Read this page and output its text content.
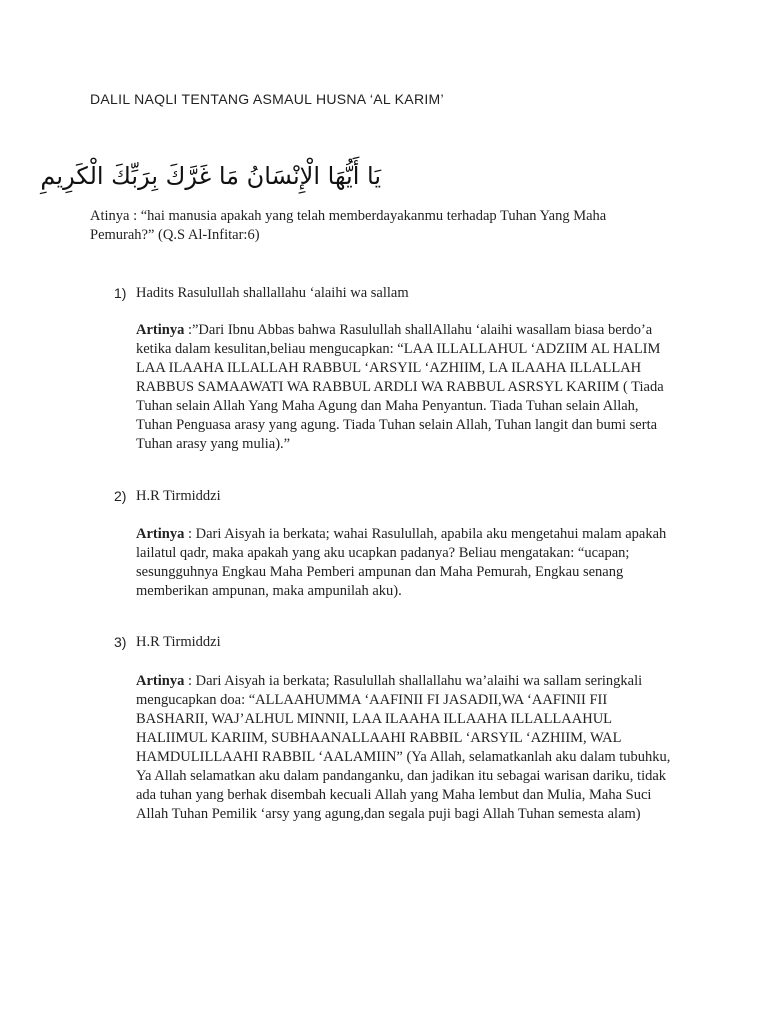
DALIL NAQLI TENTANG ASMAUL HUSNA ‘AL KARIM’
يَا أَيُّهَا الْإِنْسَانُ مَا غَرَّكَ بِرَبِّكَ الْكَرِيمِ
Atinya : “hai manusia apakah yang telah memberdayakanmu terhadap Tuhan Yang Maha Pemurah?” (Q.S Al-Infitar:6)
1) Hadits Rasulullah shallallahu ‘alaihi wa sallam
Artinya :”Dari Ibnu Abbas bahwa Rasulullah shallAllahu ‘alaihi wasallam biasa berdo’a ketika dalam kesulitan,beliau mengucapkan: “LAA ILLALLAHUL ‘ADZIIM AL HALIM LAA ILAAHA ILLALLAH RABBUL ‘ARSYIL ‘AZHIIM, LA ILAAHA ILLALLAH RABBUS SAMAAWATI WA RABBUL ARDLI WA RABBUL ASRSYL KARIIM ( Tiada Tuhan selain Allah Yang Maha Agung dan Maha Penyantun. Tiada Tuhan selain Allah, Tuhan Penguasa arasy yang agung. Tiada Tuhan selain Allah, Tuhan langit dan bumi serta Tuhan arasy yang mulia).”
2) H.R Tirmiddzi
Artinya : Dari Aisyah ia berkata; wahai Rasulullah, apabila aku mengetahui malam apakah lailatul qadr, maka apakah yang aku ucapkan padanya? Beliau mengatakan: “ucapan; sesungguhnya Engkau Maha Pemberi ampunan dan Maha Pemurah, Engkau senang memberikan ampunan, maka ampunilah aku).
3) H.R Tirmiddzi
Artinya : Dari Aisyah ia berkata; Rasulullah shallallahu wa’alaihi wa sallam seringkali mengucapkan doa: “ALLAAHUMMA ‘AAFINII FI JASADII,WA ‘AAFINII FII BASHARII, WAJ’ALHUL MINNII, LAA ILAAHA ILLAAHA ILLALLAAHUL HALIIMUL KARIIM, SUBHAANALLAAHI RABBIL ‘ARSYIL ‘AZHIIM, WAL HAMDULILLAAHI RABBIL ‘AALAMIIN” (Ya Allah, selamatkanlah aku dalam tubuhku, Ya Allah selamatkan aku dalam pandanganku, dan jadikan itu sebagai warisan dariku, tidak ada tuhan yang berhak disembah kecuali Allah yang Maha lembut dan Mulia, Maha Suci Allah Tuhan Pemilik ‘arsy yang agung,dan segala puji bagi Allah Tuhan semesta alam)
